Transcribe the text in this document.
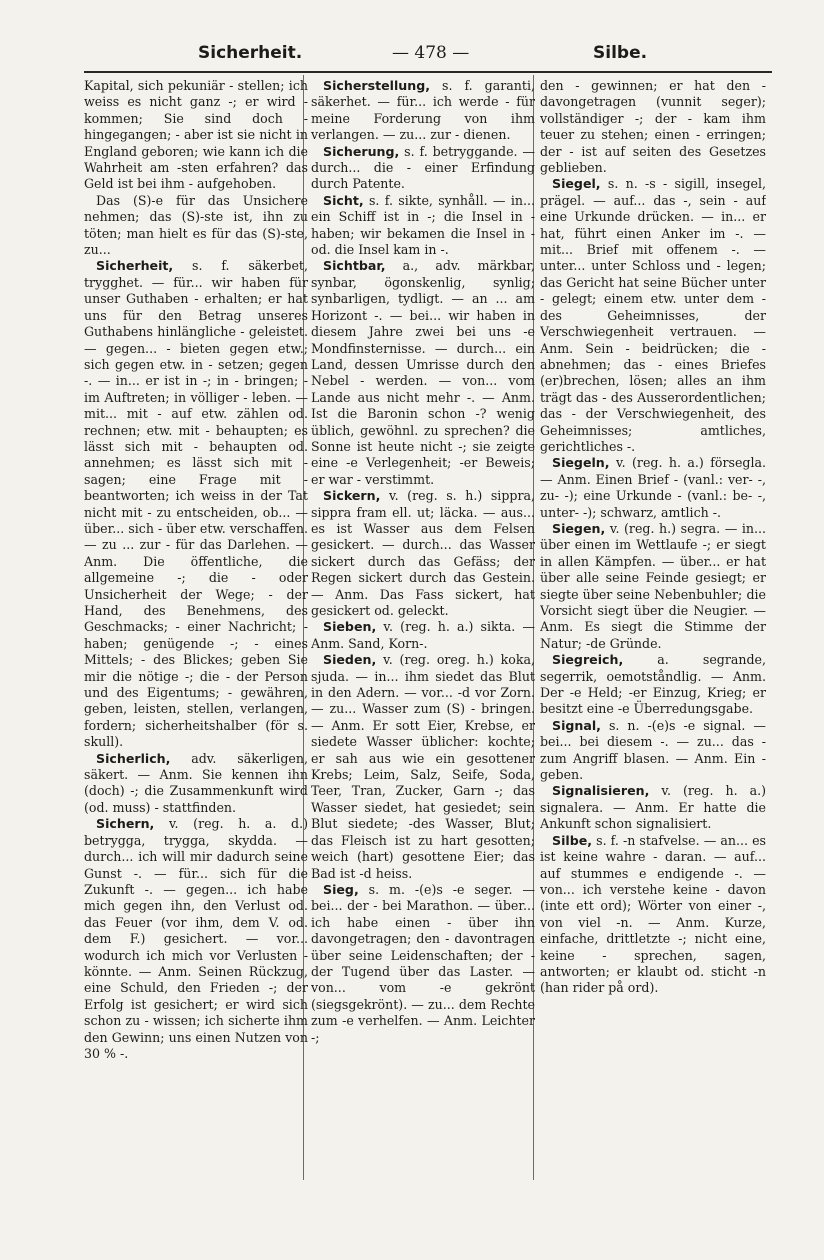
Sicherheit.	— 478 —	Silbe.

Kapital, sich pekuniär - stellen; ich weiss es nicht ganz -; er wird - kommen; Sie sind doch - hingegangen; - aber ist sie nicht in England geboren; wie kann ich die Wahrheit am -sten erfahren? das Geld ist bei ihm - aufgehoben.

Das (S)-e für das Unsichere nehmen; das (S)-ste ist, ihn zu töten; man hielt es für das (S)-ste, zu...

Sicherheit, s. f. säkerbet, trygghet. — für... wir haben für unser Guthaben - erhalten; er hat uns für den Betrag unseres Guthabens hinlängliche - geleistet. — gegen... - bieten gegen etw.; sich gegen etw. in - setzen; gegen -. — in... er ist in -; in - bringen; - im Auftreten; in völliger - leben. — mit... mit - auf etw. zählen od. rechnen; etw. mit - behaupten; es lässt sich mit - behaupten od. annehmen; es lässt sich mit - sagen; eine Frage mit - beantworten; ich weiss in der Tat nicht mit - zu entscheiden, ob... — über... sich - über etw. verschaffen. — zu ... zur - für das Darlehen. — Anm. Die öffentliche, die allgemeine -; die - oder Unsicherheit der Wege; - der Hand, des Benehmens, des Geschmacks; - einer Nachricht; - haben; genügende -; - eines Mittels; - des Blickes; geben Sie mir die nötige -; die - der Person und des Eigentums; - gewähren, geben, leisten, stellen, verlangen, fordern; sicherheitshalber (för s. skull).

Sicherlich, adv. säkerligen, säkert. — Anm. Sie kennen ihn (doch) -; die Zusammenkunft wird (od. muss) - stattfinden.

Sichern, v. (reg. h. a. d.) betrygga, trygga, skydda. — durch... ich will mir dadurch seine Gunst -. — für... sich für die Zukunft -. — gegen... ich habe mich gegen ihn, den Verlust od. das Feuer (vor ihm, dem V. od. dem F.) gesichert. — vor... wodurch ich mich vor Verlusten - könnte. — Anm. Seinen Rückzug, eine Schuld, den Frieden -; der Erfolg ist gesichert; er wird sich schon zu - wissen; ich sicherte ihm den Gewinn; uns einen Nutzen von 30 % -.

Sicherstellung, s. f. garanti, säkerhet. — für... ich werde - für meine Forderung von ihm verlangen. — zu... zur - dienen.

Sicherung, s. f. betryggande. — durch... die - einer Erfindung durch Patente.

Sicht, s. f. sikte, synhåll. — in... ein Schiff ist in -; die Insel in - haben; wir bekamen die Insel in - od. die Insel kam in -.

Sichtbar, a., adv. märkbar, synbar, ögonskenlig, synlig; synbarligen, tydligt. — an ... am Horizont -. — bei... wir haben in diesem Jahre zwei bei uns -e Mondfinsternisse. — durch... ein Land, dessen Umrisse durch den Nebel - werden. — von... vom Lande aus nicht mehr -. — Anm. Ist die Baronin schon -? wenig üblich, gewöhnl. zu sprechen? die Sonne ist heute nicht -; sie zeigte eine -e Verlegenheit; -er Beweis; er war - verstimmt.

Sickern, v. (reg. s. h.) sippra, sippra fram ell. ut; läcka. — aus... es ist Wasser aus dem Felsen gesickert. — durch... das Wasser sickert durch das Gefäss; der Regen sickert durch das Gestein. — Anm. Das Fass sickert, hat gesickert od. geleckt.

Sieben, v. (reg. h. a.) sikta. — Anm. Sand, Korn-.

Sieden, v. (reg. oreg. h.) koka, sjuda. — in... ihm siedet das Blut in den Adern. — vor... -d vor Zorn. — zu... Wasser zum (S) - bringen. — Anm. Er sott Eier, Krebse, er siedete Wasser üblicher: kochte; er sah aus wie ein gesottener Krebs; Leim, Salz, Seife, Soda, Teer, Tran, Zucker, Garn -; das Wasser siedet, hat gesiedet; sein Blut siedete; -des Wasser, Blut; das Fleisch ist zu hart gesotten; weich (hart) gesottene Eier; das Bad ist -d heiss.

Sieg, s. m. -(e)s -e seger. — bei... der - bei Marathon. — über... ich habe einen - über ihn davongetragen; den - davontragen über seine Leidenschaften; der - der Tugend über das Laster. — von... vom -e gekrönt (siegsgekrönt). — zu... dem Rechte zum -e verhelfen. — Anm. Leichter -;

den - gewinnen; er hat den - davongetragen (vunnit seger); vollständiger -; der - kam ihm teuer zu stehen; einen - erringen; der - ist auf seiten des Gesetzes geblieben.

Siegel, s. n. -s - sigill, insegel, prägel. — auf... das -, sein - auf eine Urkunde drücken. — in... er hat, führt einen Anker im -. — mit... Brief mit offenem -. — unter... unter Schloss und - legen; das Gericht hat seine Bücher unter - gelegt; einem etw. unter dem - des Geheimnisses, der Verschwiegenheit vertrauen. — Anm. Sein - beidrücken; die - abnehmen; das - eines Briefes (er)brechen, lösen; alles an ihm trägt das - des Ausserordentlichen; das - der Verschwiegenheit, des Geheimnisses; amtliches, gerichtliches -.

Siegeln, v. (reg. h. a.) försegla. — Anm. Einen Brief - (vanl.: ver- -, zu- -); eine Urkunde - (vanl.: be- -, unter- -); schwarz, amtlich -.

Siegen, v. (reg. h.) segra. — in... über einen im Wettlaufe -; er siegt in allen Kämpfen. — über... er hat über alle seine Feinde gesiegt; er siegte über seine Nebenbuhler; die Vorsicht siegt über die Neugier. — Anm. Es siegt die Stimme der Natur; -de Gründe.

Siegreich,	a. segrande, segerrik, oemotståndlig. — Anm. Der -e Held; -er Einzug, Krieg; er besitzt eine -e Überredungsgabe.

Signal, s. n. -(e)s -e signal. — bei... bei diesem -. — zu... das - zum Angriff blasen. — Anm. Ein - geben.

Signalisieren, v. (reg. h. a.) signalera. — Anm. Er hatte die Ankunft schon signalisiert.

Silbe, s. f. -n stafvelse. — an... es ist keine wahre - daran. — auf... auf stummes e endigende -. — von... ich verstehe keine - davon (inte ett ord); Wörter von einer -, von viel -n. — Anm. Kurze, einfache, drittletzte -; nicht eine, keine - sprechen, sagen, antworten; er klaubt od. sticht -n (han rider på ord).
